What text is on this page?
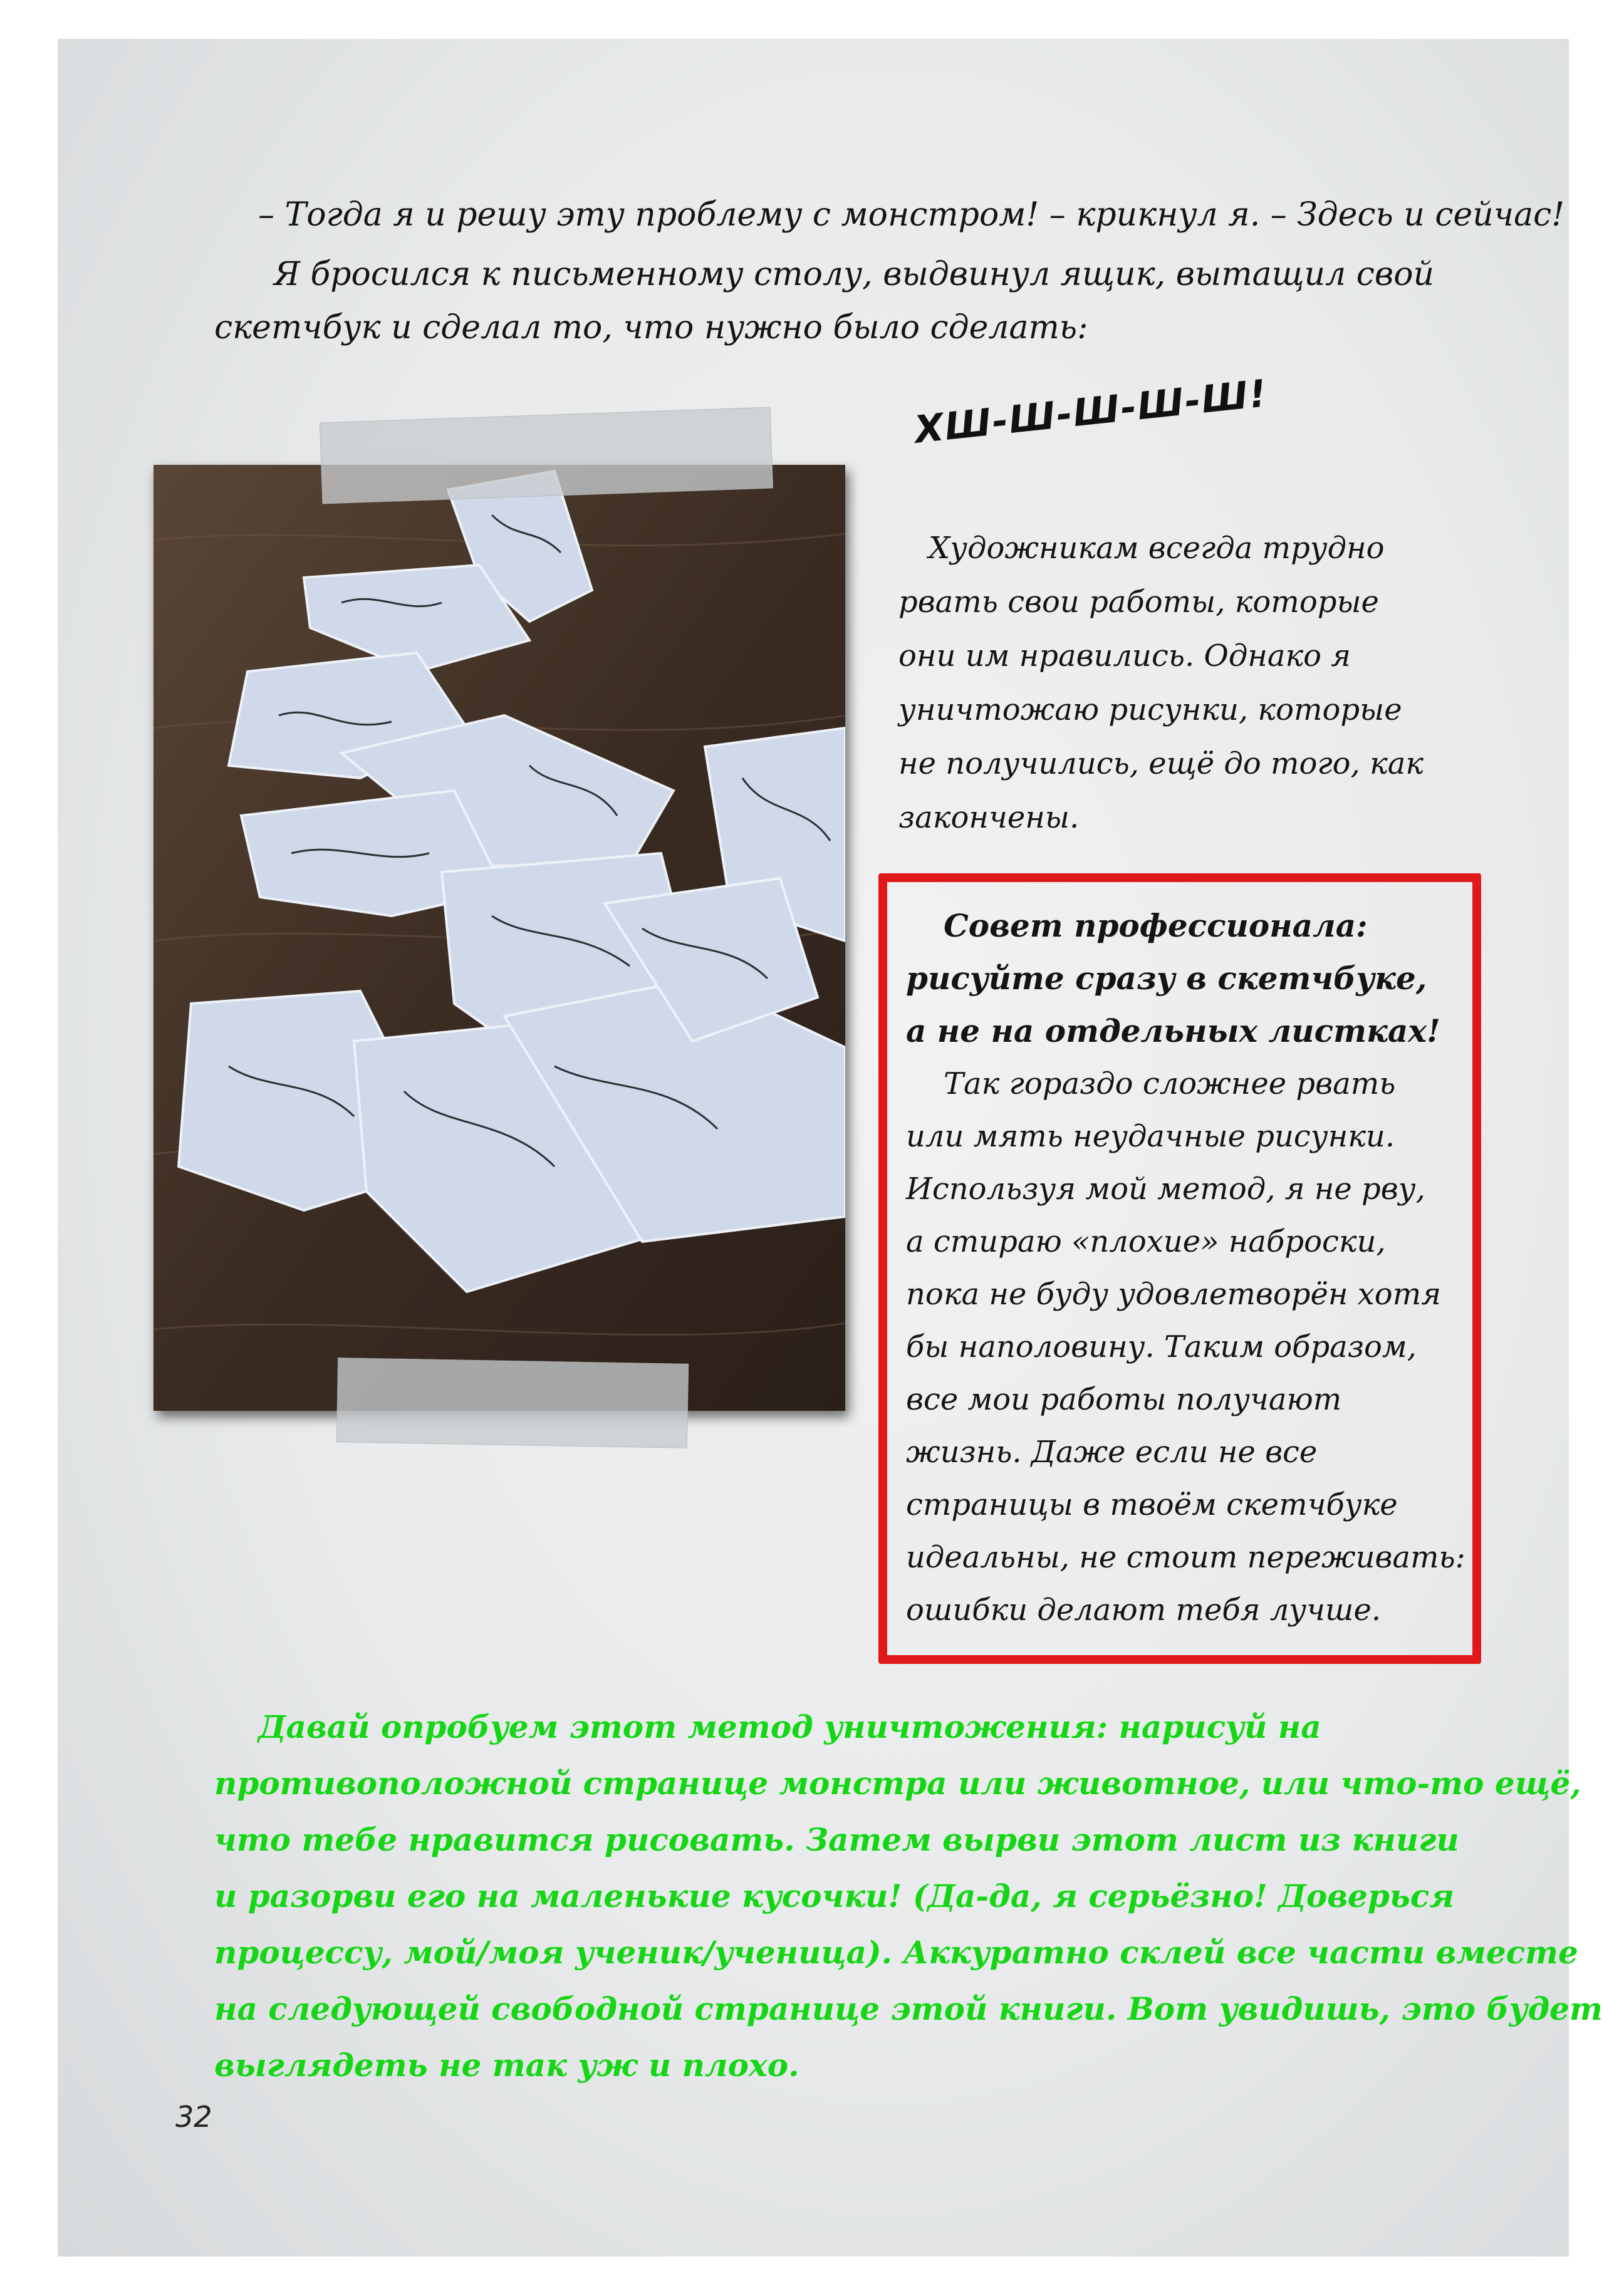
– Тогда я и решу эту проблему с монстром! – крикнул я. – Здесь и сейчас!
Я бросился к письменному столу, выдвинул ящик, вытащил свой
скетчбук и сделал то, что нужно было сделать:
ХШ-Ш-Ш-Ш-Ш!
Художникам всегда трудно
рвать свои работы, которые
они им нравились. Однако я
уничтожаю рисунки, которые
не получились, ещё до того, как
закончены.
Совет профессионала:
рисуйте сразу в скетчбуке,
а не на отдельных листках!
Так гораздо сложнее рвать
или мять неудачные рисунки.
Используя мой метод, я не рву,
а стираю «плохие» наброски,
пока не буду удовлетворён хотя
бы наполовину. Таким образом,
все мои работы получают
жизнь. Даже если не все
страницы в твоём скетчбуке
идеальны, не стоит переживать:
ошибки делают тебя лучше.
Давай опробуем этот метод уничтожения: нарисуй на
противоположной странице монстра или животное, или что-то ещё,
что тебе нравится рисовать. Затем вырви этот лист из книги
и разорви его на маленькие кусочки! (Да-да, я серьёзно! Доверься
процессу, мой/моя ученик/ученица). Аккуратно склей все части вместе
на следующей свободной странице этой книги. Вот увидишь, это будет
выглядеть не так уж и плохо.
32
